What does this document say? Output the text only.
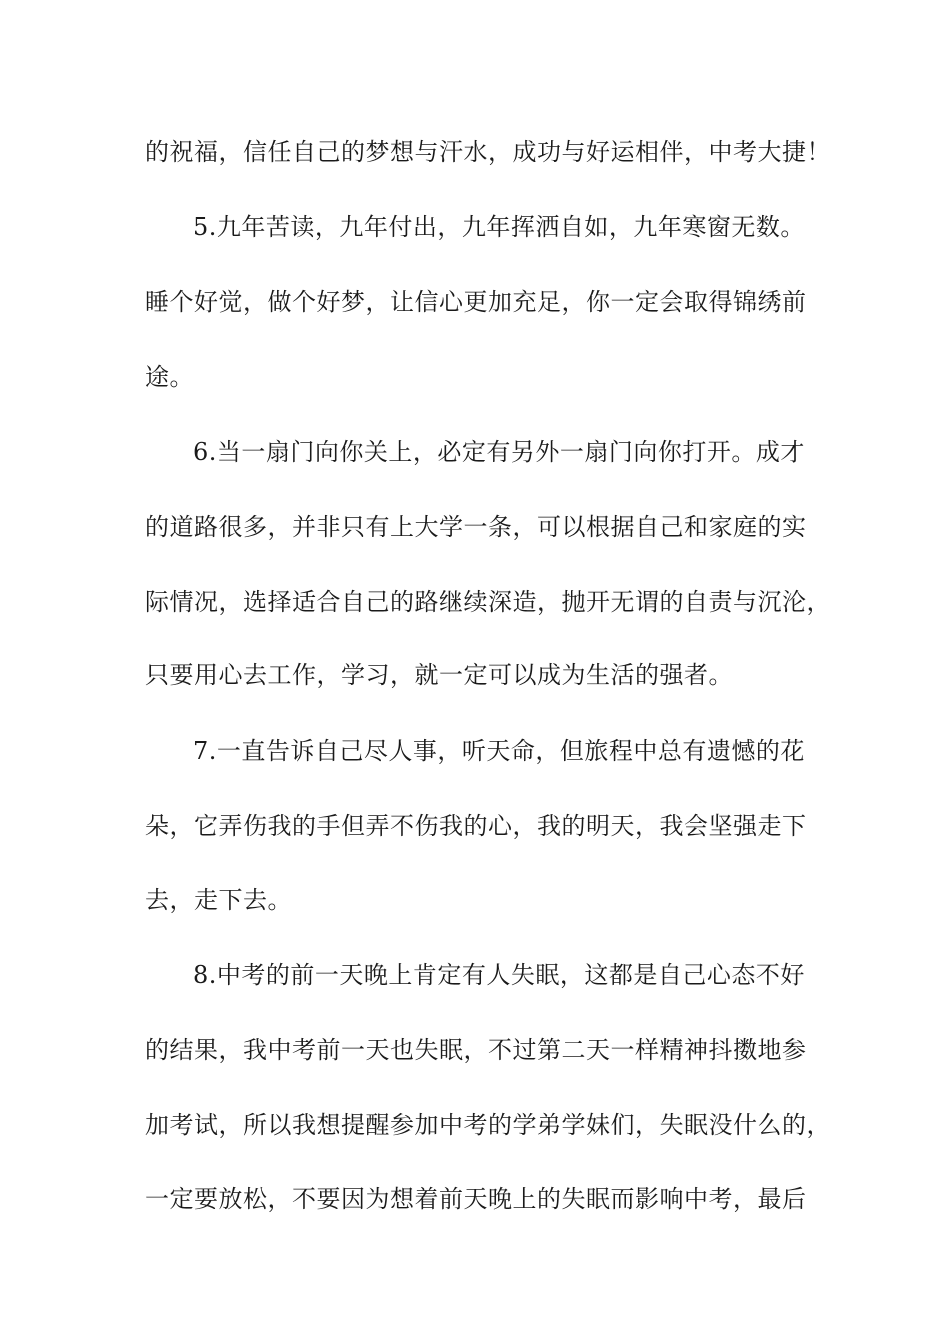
的祝福，信任自己的梦想与汗水，成功与好运相伴，中考大捷！
5.九年苦读，九年付出，九年挥洒自如，九年寒窗无数。
睡个好觉，做个好梦，让信心更加充足，你一定会取得锦绣前
途。
6.当一扇门向你关上，必定有另外一扇门向你打开。成才
的道路很多，并非只有上大学一条，可以根据自己和家庭的实
际情况，选择适合自己的路继续深造，抛开无谓的自责与沉沦，
只要用心去工作，学习，就一定可以成为生活的强者。
7.一直告诉自己尽人事，听天命，但旅程中总有遗憾的花
朵，它弄伤我的手但弄不伤我的心，我的明天，我会坚强走下
去，走下去。
8.中考的前一天晚上肯定有人失眠，这都是自己心态不好
的结果，我中考前一天也失眠，不过第二天一样精神抖擞地参
加考试，所以我想提醒参加中考的学弟学妹们，失眠没什么的，
一定要放松，不要因为想着前天晚上的失眠而影响中考，最后
